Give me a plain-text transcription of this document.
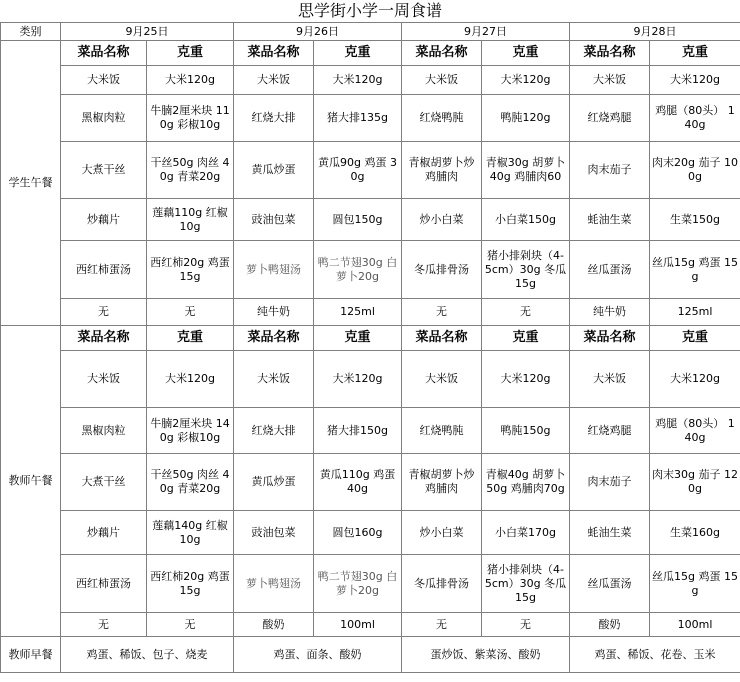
思学街小学一周食谱
类别	9月25日		9月26日		9月27日		9月28日	
学生午餐	菜品名称	克重	菜品名称	克重	菜品名称	克重	菜品名称	克重
	大米饭	大米120g	大米饭	大米120g	大米饭	大米120g	大米饭	大米120g
	黑椒肉粒	牛腩2厘米块 110g 彩椒10g	红烧大排	猪大排135g	红烧鸭肫	鸭肫120g	红烧鸡腿	鸡腿（80头） 140g
	大煮干丝	干丝50g 肉丝 40g 青菜20g	黄瓜炒蛋	黄瓜90g 鸡蛋 30g	青椒胡萝卜炒鸡脯肉	青椒30g 胡萝卜40g 鸡脯肉60	肉末茄子	肉末20g 茄子 100g
	炒藕片	莲藕110g 红椒 10g	豉油包菜	圆包150g	炒小白菜	小白菜150g	蚝油生菜	生菜150g
	西红柿蛋汤	西红柿20g 鸡蛋 15g	萝卜鸭翅汤	鸭二节翅30g 白萝卜20g	冬瓜排骨汤	猪小排剁块（4-5cm）30g 冬瓜 15g	丝瓜蛋汤	丝瓜15g 鸡蛋 15g
	无	无	纯牛奶	125ml	无	无	纯牛奶	125ml
教师午餐	菜品名称	克重	菜品名称	克重	菜品名称	克重	菜品名称	克重
	大米饭	大米120g	大米饭	大米120g	大米饭	大米120g	大米饭	大米120g
	黑椒肉粒	牛腩2厘米块 140g 彩椒10g	红烧大排	猪大排150g	红烧鸭肫	鸭肫150g	红烧鸡腿	鸡腿（80头） 140g
	大煮干丝	干丝50g 肉丝 40g 青菜20g	黄瓜炒蛋	黄瓜110g 鸡蛋 40g	青椒胡萝卜炒鸡脯肉	青椒40g 胡萝卜50g 鸡脯肉70g	肉末茄子	肉末30g 茄子 120g
	炒藕片	莲藕140g 红椒 10g	豉油包菜	圆包160g	炒小白菜	小白菜170g	蚝油生菜	生菜160g
	西红柿蛋汤	西红柿20g 鸡蛋 15g	萝卜鸭翅汤	鸭二节翅30g 白萝卜20g	冬瓜排骨汤	猪小排剁块（4-5cm）30g 冬瓜 15g	丝瓜蛋汤	丝瓜15g 鸡蛋 15g
	无	无	酸奶	100ml	无	无	酸奶	100ml
教师早餐	鸡蛋、稀饭、包子、烧麦		鸡蛋、面条、酸奶		蛋炒饭、紫菜汤、酸奶		鸡蛋、稀饭、花卷、玉米	
